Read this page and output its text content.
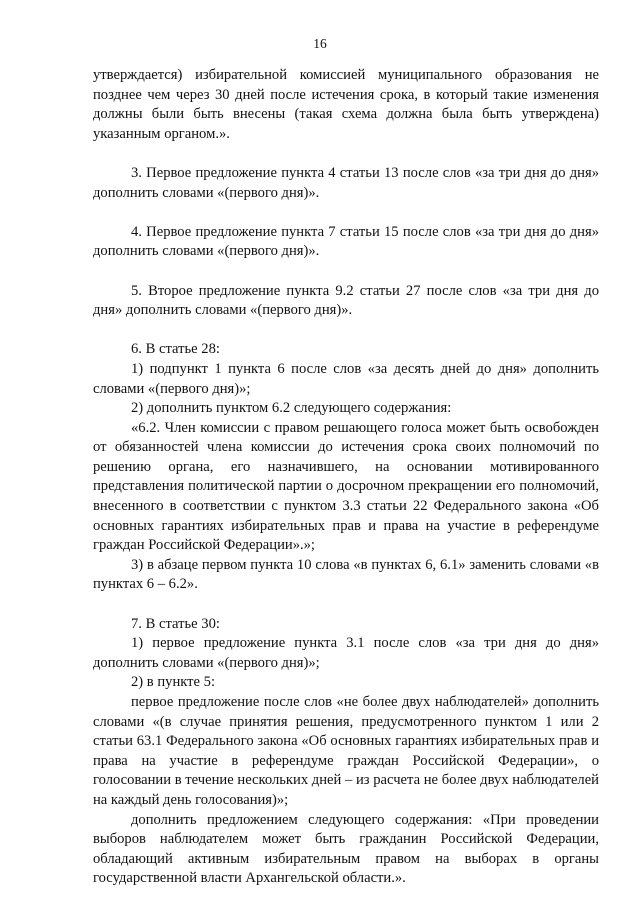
16

утверждается) избирательной комиссией муниципального образования не позднее чем через 30 дней после истечения срока, в который такие изменения должны были быть внесены (такая схема должна была быть утверждена) указанным органом.».

3. Первое предложение пункта 4 статьи 13 после слов «за три дня до дня» дополнить словами «(первого дня)».

4. Первое предложение пункта 7 статьи 15 после слов «за три дня до дня» дополнить словами «(первого дня)».

5. Второе предложение пункта 9.2 статьи 27 после слов «за три дня до дня» дополнить словами «(первого дня)».

6. В статье 28:

1) подпункт 1 пункта 6 после слов «за десять дней до дня» дополнить словами «(первого дня)»;

2) дополнить пунктом 6.2 следующего содержания:

«6.2. Член комиссии с правом решающего голоса может быть освобожден от обязанностей члена комиссии до истечения срока своих полномочий по решению органа, его назначившего, на основании мотивированного представления политической партии о досрочном прекращении его полномочий, внесенного в соответствии с пунктом 3.3 статьи 22 Федерального закона «Об основных гарантиях избирательных прав и права на участие в референдуме граждан Российской Федерации».»;

3) в абзаце первом пункта 10 слова «в пунктах 6, 6.1» заменить словами «в пунктах 6 – 6.2».

7. В статье 30:

1) первое предложение пункта 3.1 после слов «за три дня до дня» дополнить словами «(первого дня)»;

2) в пункте 5:

первое предложение после слов «не более двух наблюдателей» дополнить словами «(в случае принятия решения, предусмотренного пунктом 1 или 2 статьи 63.1 Федерального закона «Об основных гарантиях избирательных прав и права на участие в референдуме граждан Российской Федерации», о голосовании в течение нескольких дней – из расчета не более двух наблюдателей на каждый день голосования)»;

дополнить предложением следующего содержания: «При проведении выборов наблюдателем может быть гражданин Российской Федерации, обладающий активным избирательным правом на выборах в органы государственной власти Архангельской области.».
